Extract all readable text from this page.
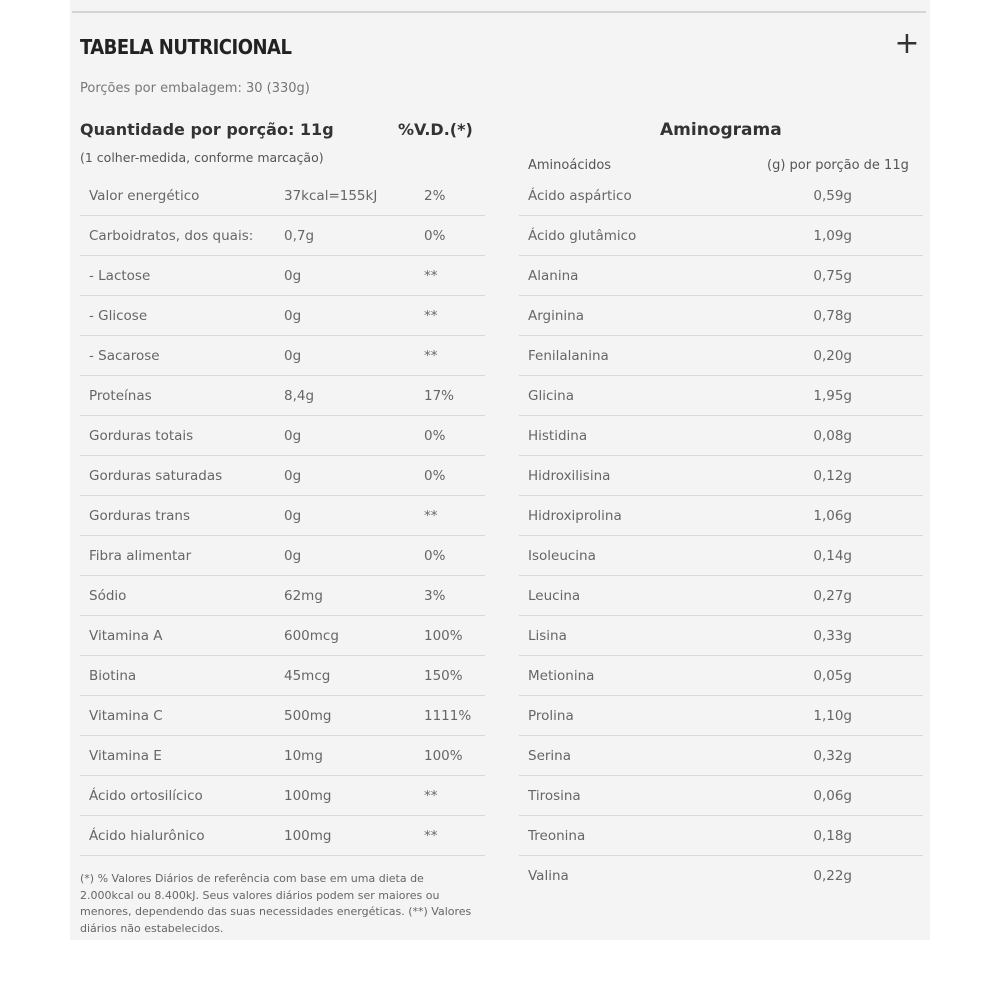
TABELA NUTRICIONAL	+
Porções por embalagem: 30 (330g)
Quantidade por porção: 11g	%V.D.(*)
(1 colher-medida, conforme marcação)
Valor energético	37kcal=155kJ	2%
Carboidratos, dos quais:	0,7g	0%
- Lactose	0g	**
- Glicose	0g	**
- Sacarose	0g	**
Proteínas	8,4g	17%
Gorduras totais	0g	0%
Gorduras saturadas	0g	0%
Gorduras trans	0g	**
Fibra alimentar	0g	0%
Sódio	62mg	3%
Vitamina A	600mcg	100%
Biotina	45mcg	150%
Vitamina C	500mg	1111%
Vitamina E	10mg	100%
Ácido ortosilícico	100mg	**
Ácido hialurônico	100mg	**
(*) % Valores Diários de referência com base em uma dieta de 2.000kcal ou 8.400kJ. Seus valores diários podem ser maiores ou menores, dependendo das suas necessidades energéticas. (**) Valores diários não estabelecidos.
Aminograma
Aminoácidos	(g) por porção de 11g
Ácido aspártico	0,59g
Ácido glutâmico	1,09g
Alanina	0,75g
Arginina	0,78g
Fenilalanina	0,20g
Glicina	1,95g
Histidina	0,08g
Hidroxilisina	0,12g
Hidroxiprolina	1,06g
Isoleucina	0,14g
Leucina	0,27g
Lisina	0,33g
Metionina	0,05g
Prolina	1,10g
Serina	0,32g
Tirosina	0,06g
Treonina	0,18g
Valina	0,22g
